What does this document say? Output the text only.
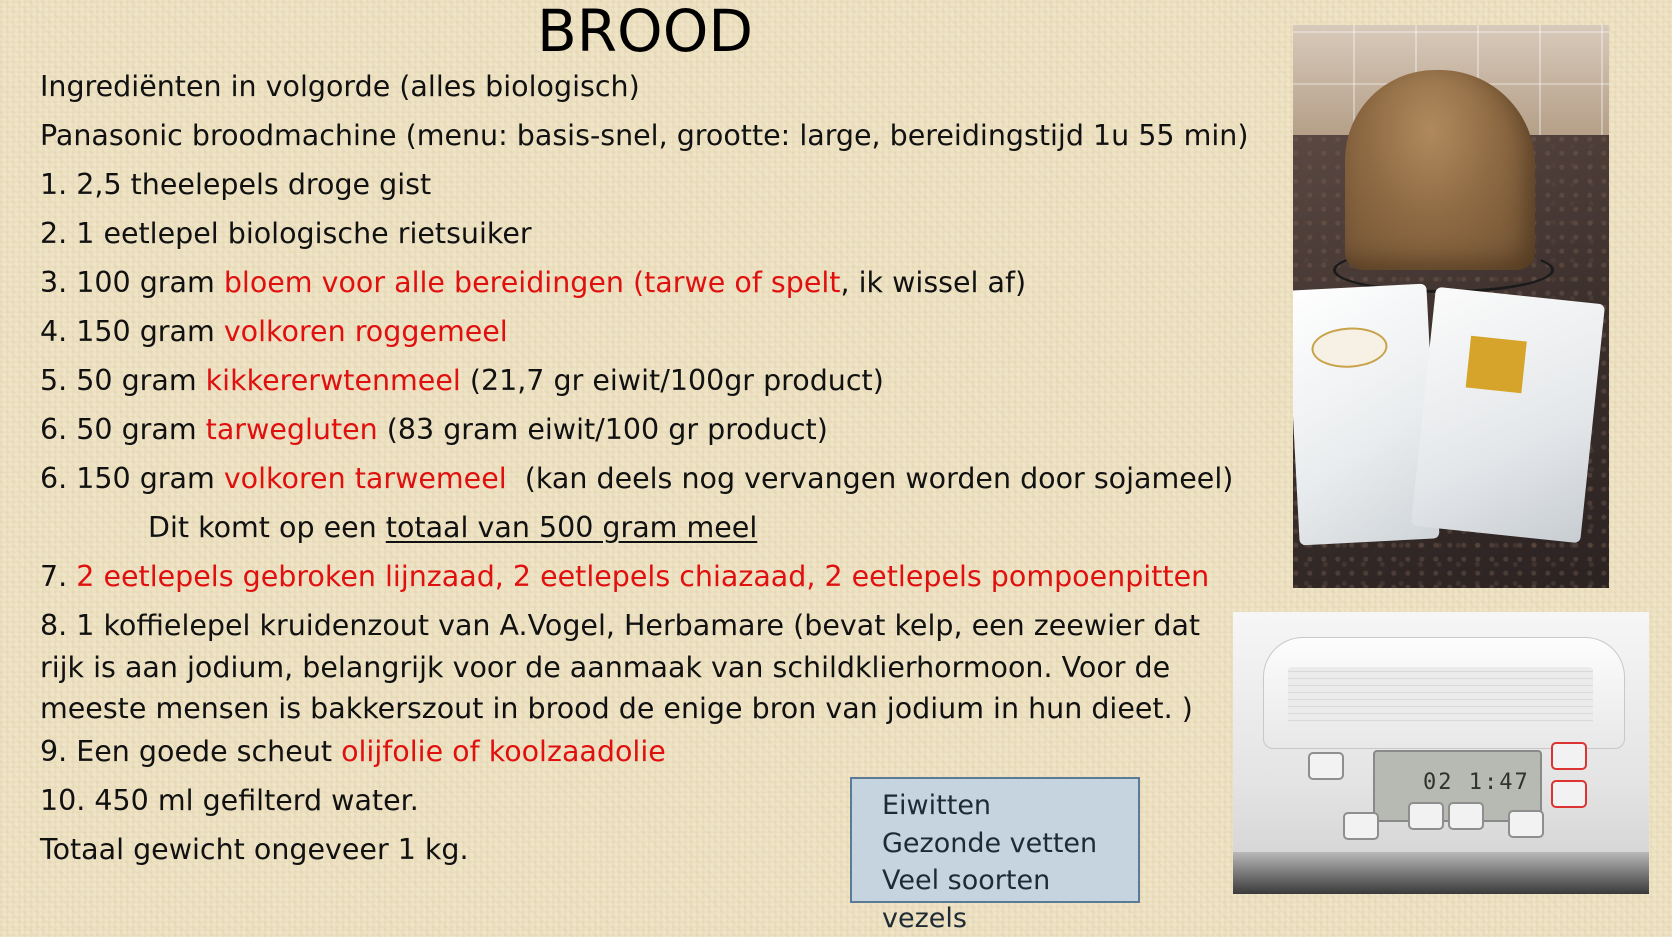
BROOD
Ingrediënten in volgorde (alles biologisch)
Panasonic broodmachine (menu: basis-snel, grootte: large, bereidingstijd 1u 55 min)
1. 2,5 theelepels droge gist
2. 1 eetlepel biologische rietsuiker
3. 100 gram bloem voor alle bereidingen (tarwe of spelt, ik wissel af)
4. 150 gram volkoren roggemeel
5. 50 gram kikkererwtenmeel (21,7 gr eiwit/100gr product)
6. 50 gram tarwegluten (83 gram eiwit/100 gr product)
6. 150 gram volkoren tarwemeel  (kan deels nog vervangen worden door sojameel)
Dit komt op een totaal van 500 gram meel
7. 2 eetlepels gebroken lijnzaad, 2 eetlepels chiazaad, 2 eetlepels pompoenpitten
8. 1 koffielepel kruidenzout van A.Vogel, Herbamare (bevat kelp, een zeewier dat rijk is aan jodium, belangrijk voor de aanmaak van schildklierhormoon. Voor de meeste mensen is bakkerszout in brood de enige bron van jodium in hun dieet. )
9. Een goede scheut olijfolie of koolzaadolie
10. 450 ml gefilterd water.
Totaal gewicht ongeveer 1 kg.
Eiwitten
Gezonde vetten
Veel soorten vezels
02 1:47
